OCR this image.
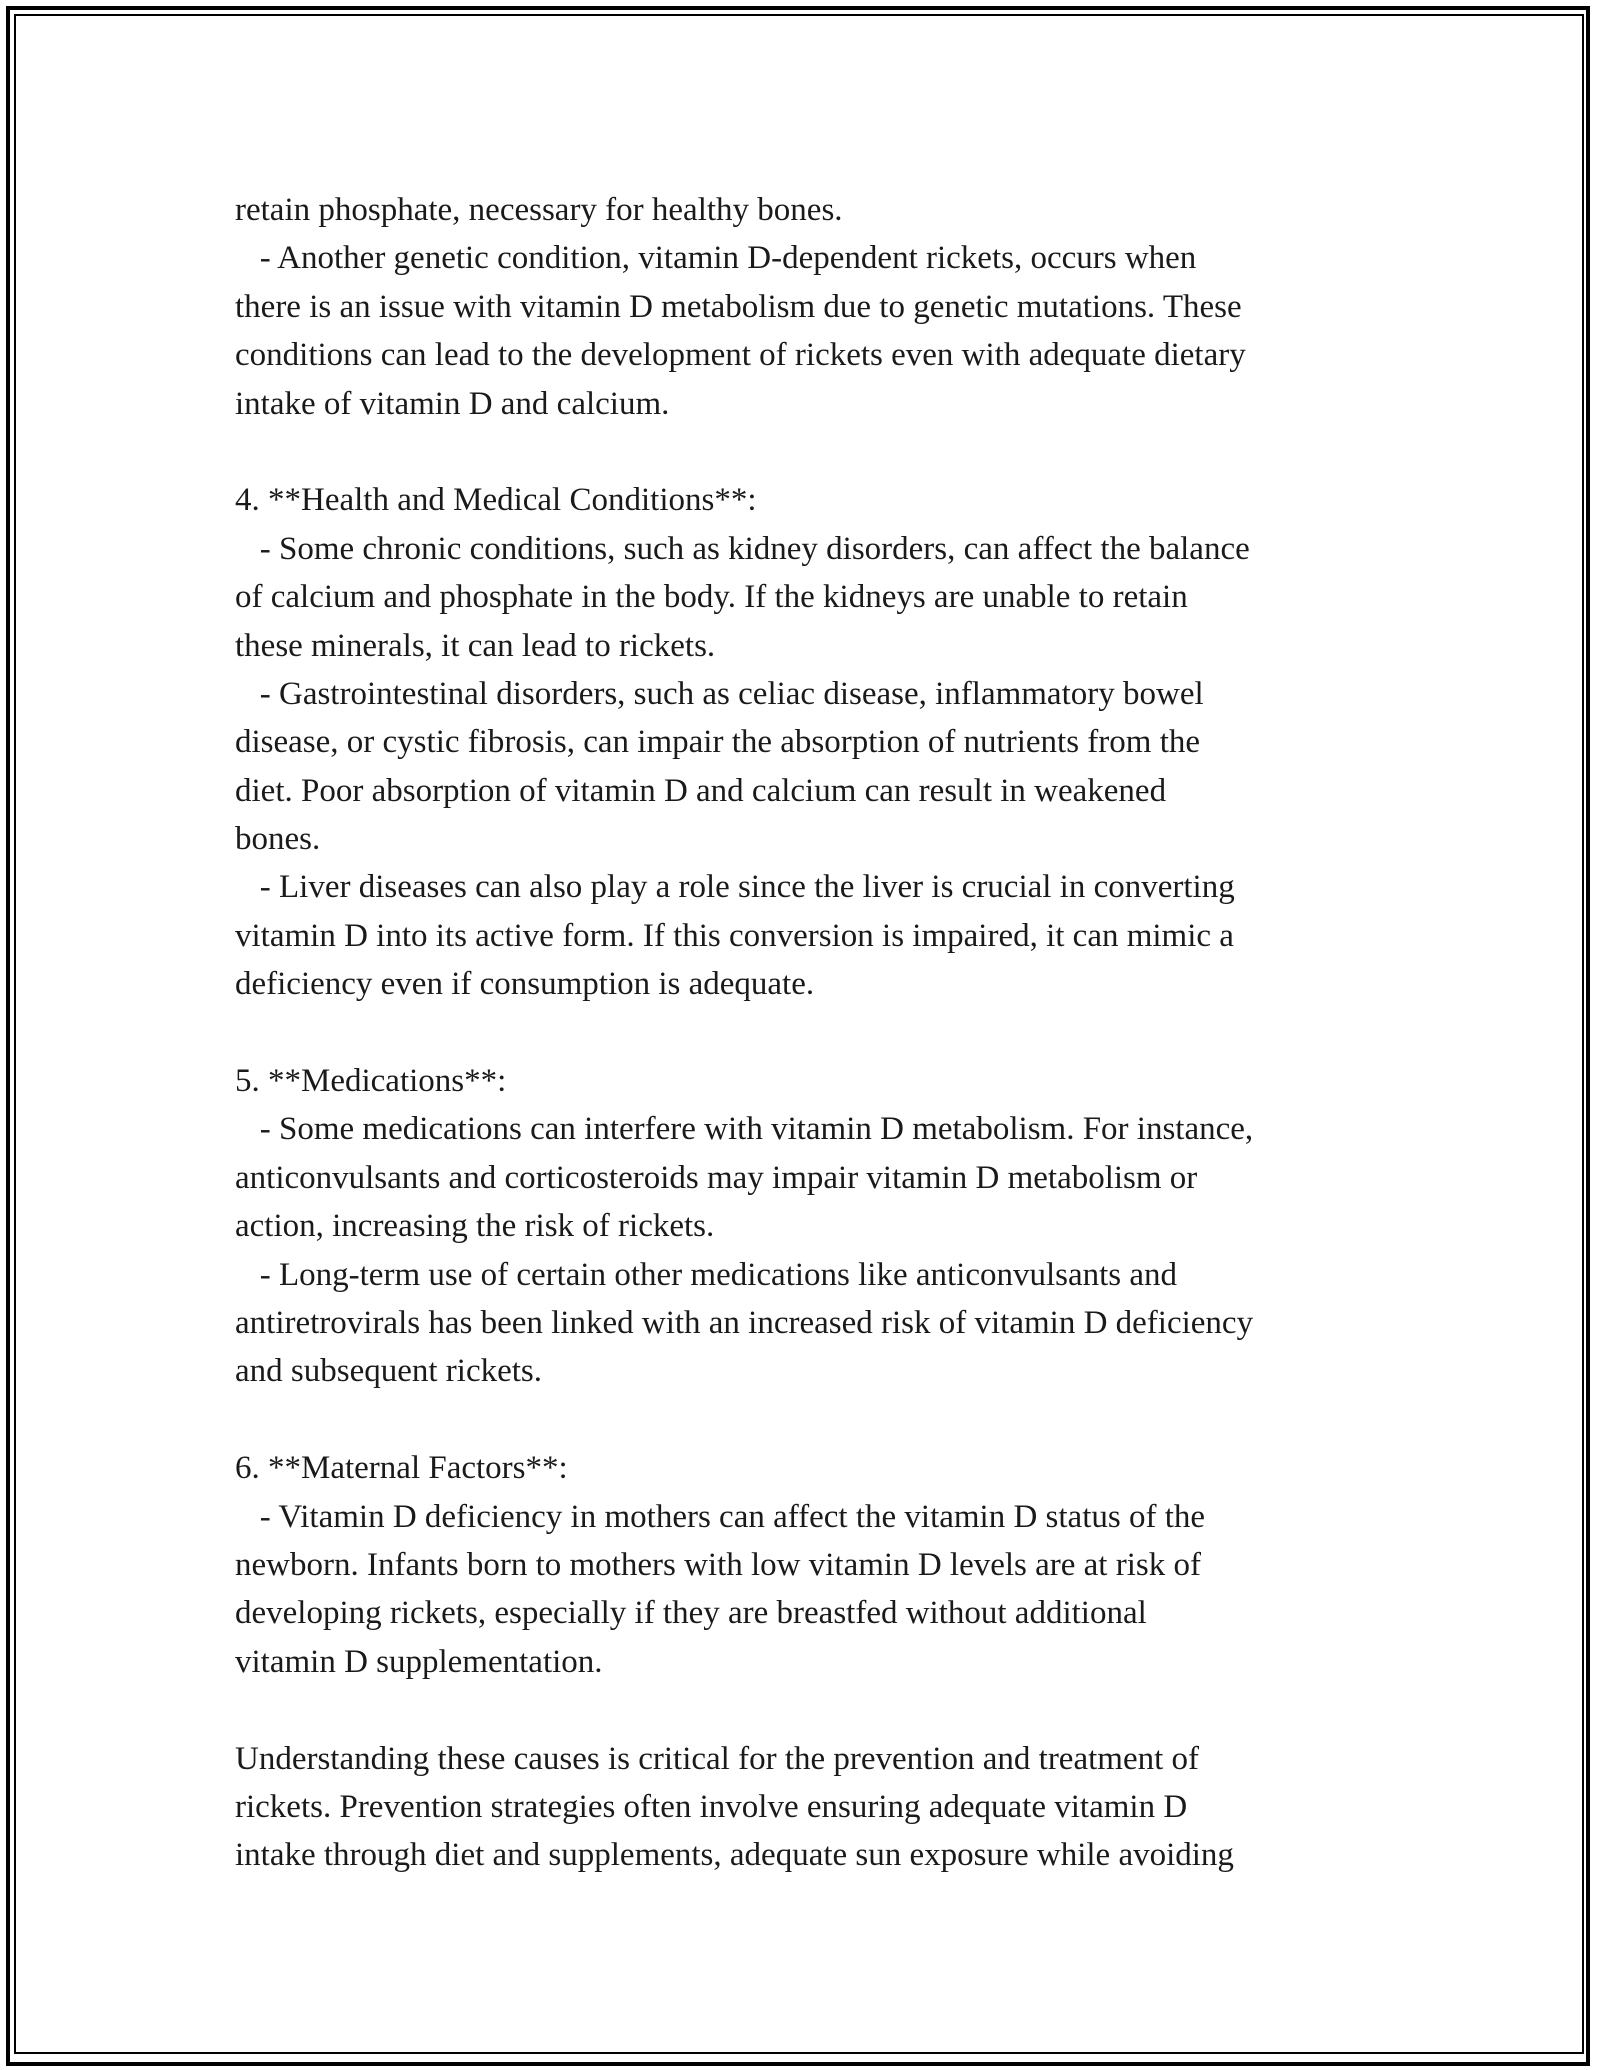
retain phosphate, necessary for healthy bones.
- Another genetic condition, vitamin D-dependent rickets, occurs when
there is an issue with vitamin D metabolism due to genetic mutations. These
conditions can lead to the development of rickets even with adequate dietary
intake of vitamin D and calcium.
4. **Health and Medical Conditions**:
- Some chronic conditions, such as kidney disorders, can affect the balance
of calcium and phosphate in the body. If the kidneys are unable to retain
these minerals, it can lead to rickets.
- Gastrointestinal disorders, such as celiac disease, inflammatory bowel
disease, or cystic fibrosis, can impair the absorption of nutrients from the
diet. Poor absorption of vitamin D and calcium can result in weakened
bones.
- Liver diseases can also play a role since the liver is crucial in converting
vitamin D into its active form. If this conversion is impaired, it can mimic a
deficiency even if consumption is adequate.
5. **Medications**:
- Some medications can interfere with vitamin D metabolism. For instance,
anticonvulsants and corticosteroids may impair vitamin D metabolism or
action, increasing the risk of rickets.
- Long-term use of certain other medications like anticonvulsants and
antiretrovirals has been linked with an increased risk of vitamin D deficiency
and subsequent rickets.
6. **Maternal Factors**:
- Vitamin D deficiency in mothers can affect the vitamin D status of the
newborn. Infants born to mothers with low vitamin D levels are at risk of
developing rickets, especially if they are breastfed without additional
vitamin D supplementation.
Understanding these causes is critical for the prevention and treatment of
rickets. Prevention strategies often involve ensuring adequate vitamin D
intake through diet and supplements, adequate sun exposure while avoiding
